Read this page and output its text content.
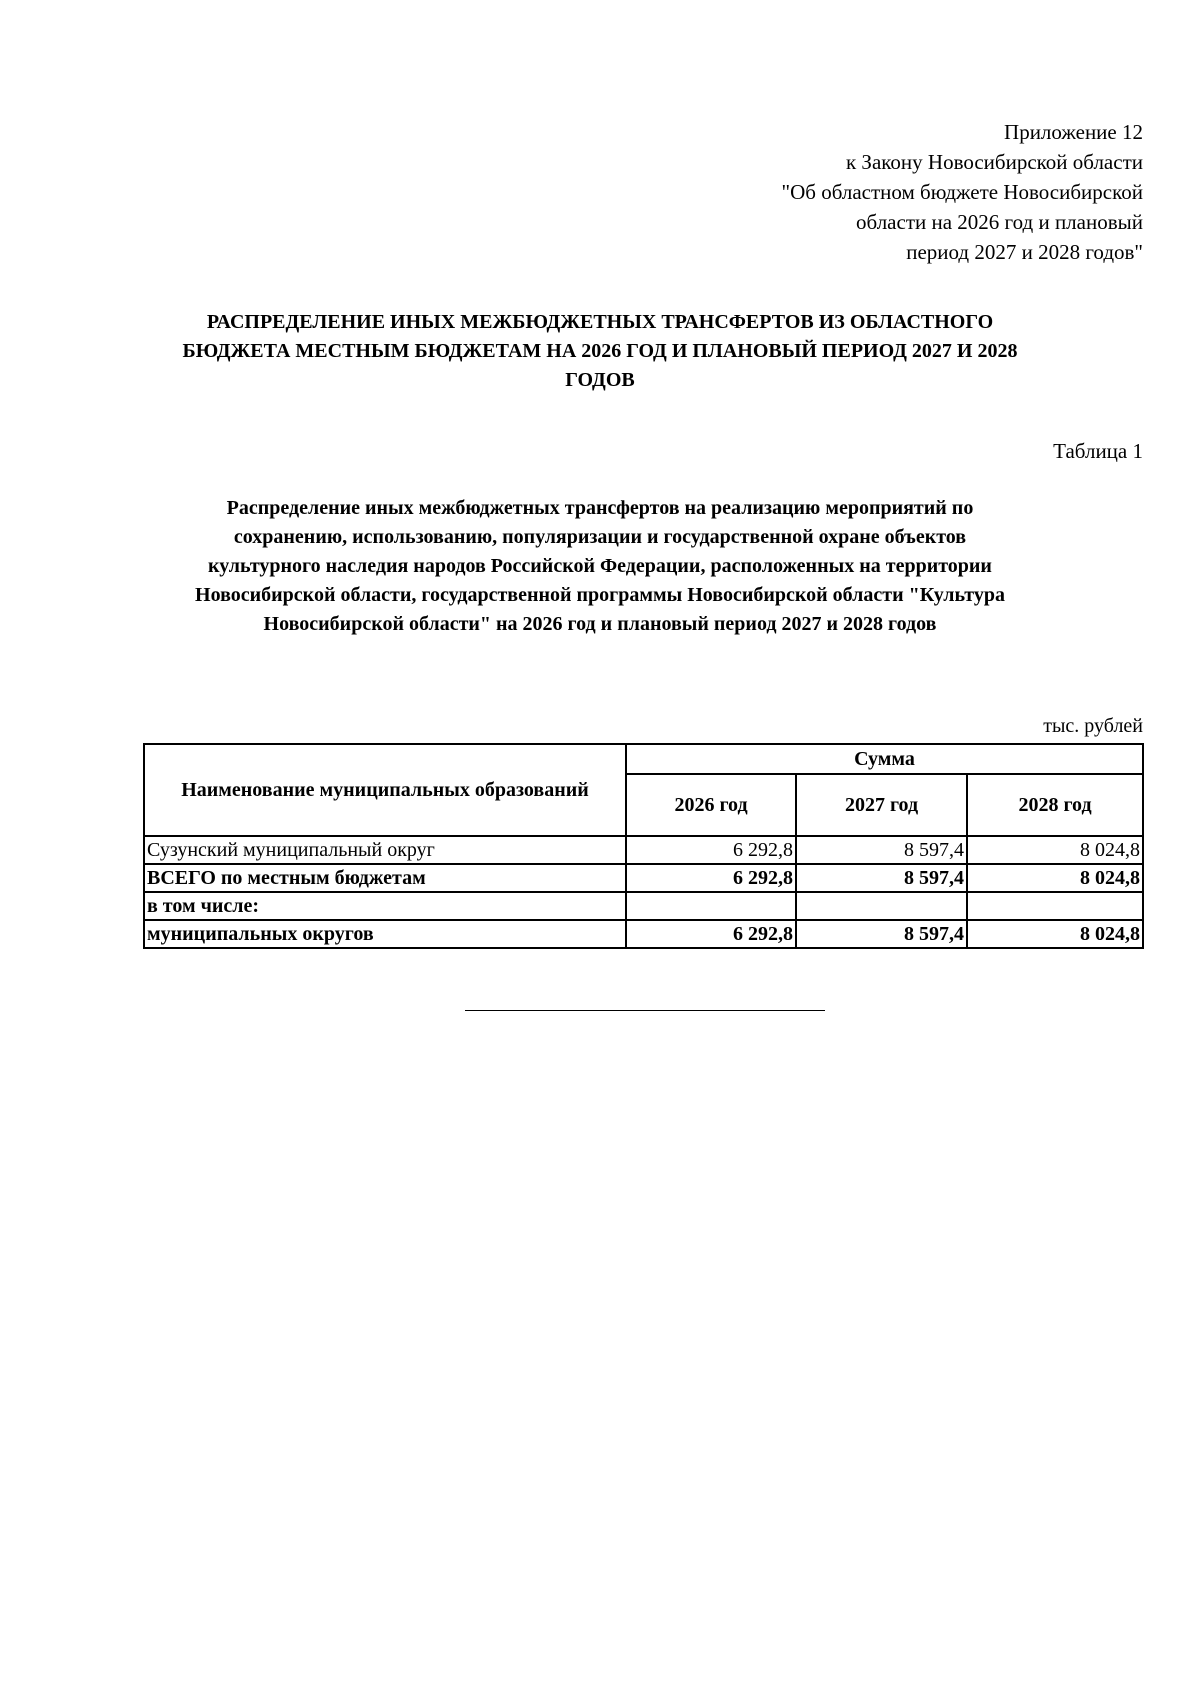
Приложение 12
к Закону Новосибирской области
"Об областном бюджете Новосибирской
области на 2026 год и плановый
период 2027 и 2028 годов"
РАСПРЕДЕЛЕНИЕ ИНЫХ МЕЖБЮДЖЕТНЫХ ТРАНСФЕРТОВ ИЗ ОБЛАСТНОГО
БЮДЖЕТА МЕСТНЫМ БЮДЖЕТАМ НА 2026 ГОД И ПЛАНОВЫЙ ПЕРИОД 2027 И 2028
ГОДОВ
Таблица 1
Распределение иных межбюджетных трансфертов на реализацию мероприятий по
сохранению, использованию, популяризации и государственной охране объектов
культурного наследия народов Российской Федерации, расположенных на территории
Новосибирской области, государственной программы Новосибирской области "Культура
Новосибирской области" на 2026 год и плановый период 2027 и 2028 годов
тыс. рублей
Наименование муниципальных образований	Сумма		
	2026 год	2027 год	2028 год
Сузунский муниципальный округ	6 292,8	8 597,4	8 024,8
ВСЕГО по местным бюджетам	6 292,8	8 597,4	8 024,8
в том числе:			
муниципальных округов	6 292,8	8 597,4	8 024,8
